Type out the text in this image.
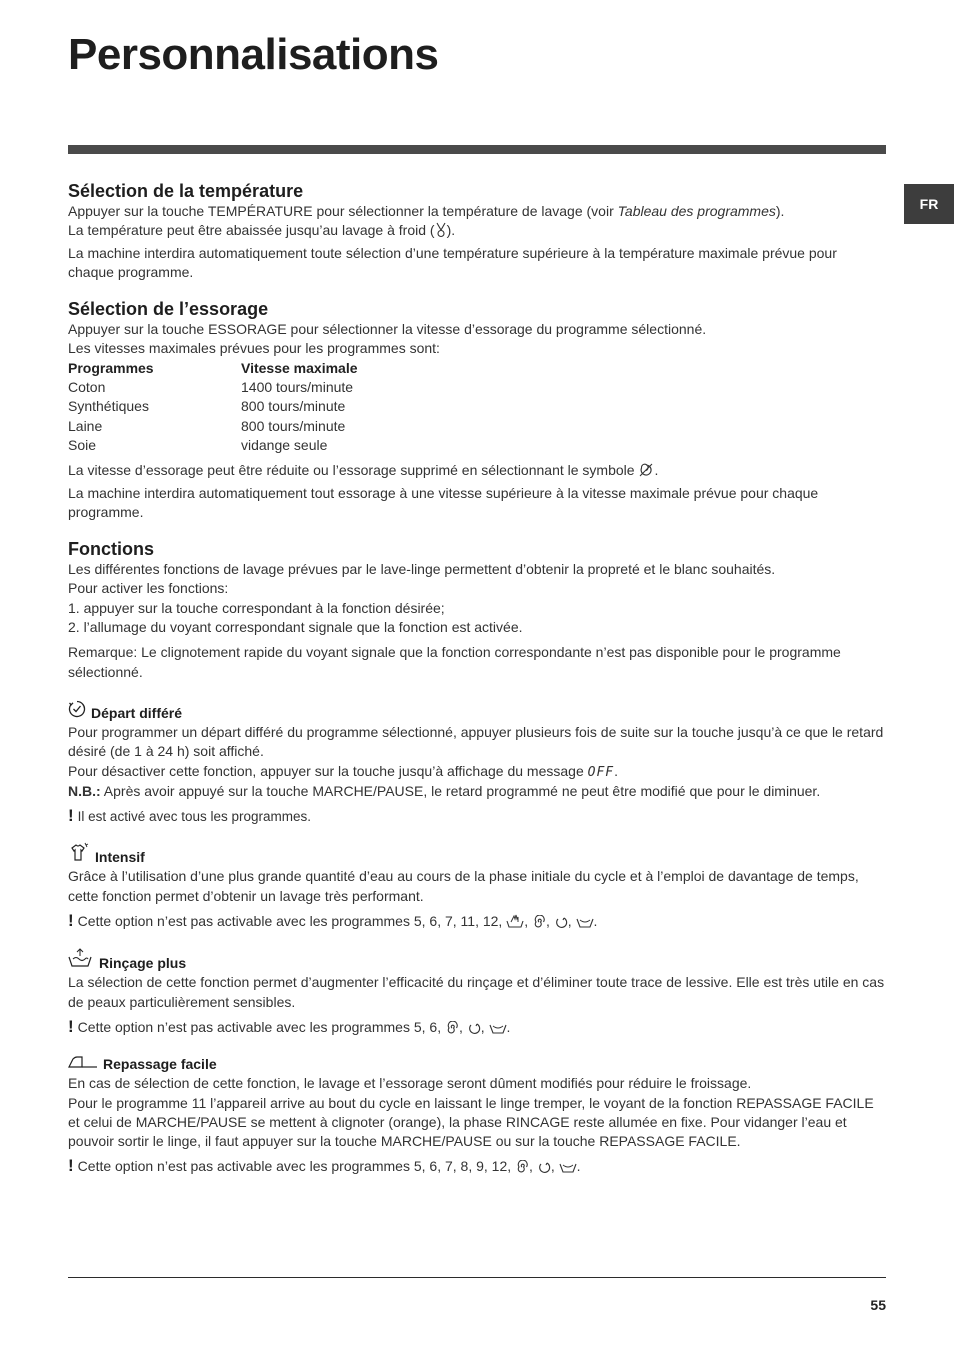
Personnalisations
FR
Sélection de la température

Appuyer sur la touche TEMPÉRATURE pour sélectionner la température de lavage (voir Tableau des programmes).

La température peut être abaissée jusqu’au lavage à froid ( ).

La machine interdira automatiquement toute sélection d’une température supérieure à la température maximale prévue pour chaque programme.

Sélection de l’essorage

Appuyer sur la touche ESSORAGE pour sélectionner la vitesse d’essorage du programme sélectionné.

Les vitesses maximales prévues pour les programmes sont:

Programmes	Vitesse maximale
Coton	1400 tours/minute
Synthétiques	800 tours/minute
Laine	800 tours/minute
Soie	vidange seule

La vitesse d’essorage peut être réduite ou l’essorage supprimé en sélectionnant le symbole .

La machine interdira automatiquement tout essorage à une vitesse supérieure à la vitesse maximale prévue pour chaque programme.

Fonctions

Les différentes fonctions de lavage prévues par le lave-linge permettent d’obtenir la propreté et le blanc souhaités.

Pour activer les fonctions:

1. appuyer sur la touche correspondant à la fonction désirée;

2. l’allumage du voyant correspondant signale que la fonction est activée.

Remarque: Le clignotement rapide du voyant signale que la fonction correspondante n’est pas disponible pour le programme sélectionné.

Départ différé

Pour programmer un départ différé du programme sélectionné, appuyer plusieurs fois de suite sur la touche jusqu’à ce que le retard désiré (de 1 à 24 h) soit affiché.

Pour désactiver cette fonction, appuyer sur la touche jusqu’à affichage du message OFF.

N.B.: Après avoir appuyé sur la touche MARCHE/PAUSE, le retard programmé ne peut être modifié que pour le diminuer.

! Il est activé avec tous les programmes.
Intensif

Grâce à l’utilisation d’une plus grande quantité d’eau au cours de la phase initiale du cycle et à l’emploi de davantage de temps, cette fonction permet d’obtenir un lavage très performant.

! Cette option n’est pas activable avec les programmes 5, 6, 7, 11, 12, , , , .
Rinçage plus

La sélection de cette fonction permet d’augmenter l’efficacité du rinçage et d’éliminer toute trace de lessive. Elle est très utile en cas de peaux particulièrement sensibles.

! Cette option n’est pas activable avec les programmes 5, 6, , , .
Repassage facile

En cas de sélection de cette fonction, le lavage et l’essorage seront dûment modifiés pour réduire le froissage.

Pour le programme 11 l’appareil arrive au bout du cycle en laissant le linge tremper, le voyant de la fonction REPASSAGE FACILE et celui de MARCHE/PAUSE se mettent à clignoter (orange), la phase RINCAGE reste allumée en fixe. Pour vidanger l’eau et pouvoir sortir le linge, il faut appuyer sur la touche MARCHE/PAUSE ou sur la touche REPASSAGE FACILE.

! Cette option n’est pas activable avec les programmes 5, 6, 7, 8, 9, 12, , , .
55
